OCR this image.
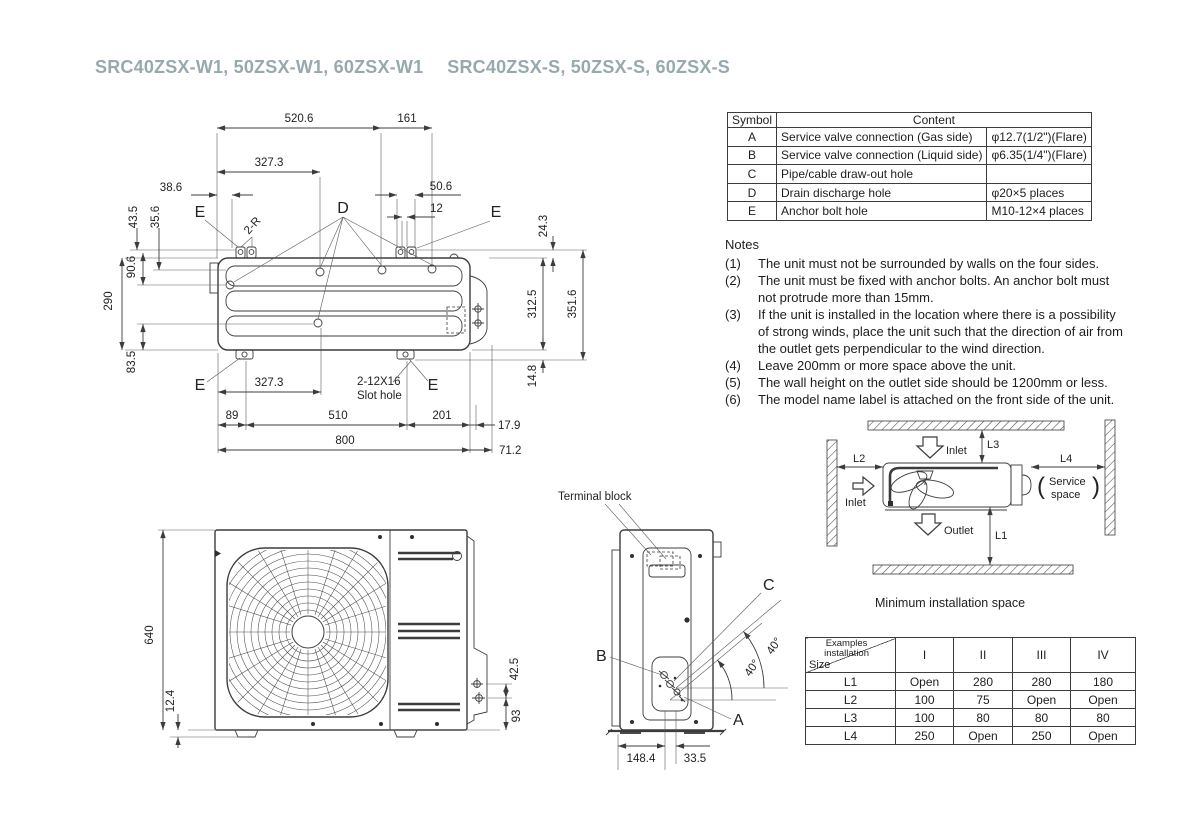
SRC40ZSX-W1, 50ZSX-W1, 60ZSX-W1 SRC40ZSX-S, 50ZSX-S, 60ZSX-S
D
E	E
E	E
2-R
2-12X16
Slot hole
520.6	161
327.3
38.6	50.6
12
24.3
312.5 351.6
14.8
290
43.5 35.6
90.6
83.5
327.3
89	510	201
17.9
800
71.2
Symbol	Content	
A	Service valve connection (Gas side)	φ12.7(1/2")(Flare)
B	Service valve connection (Liquid side)	φ6.35(1/4")(Flare)
C	Pipe/cable draw-out hole	
D	Drain discharge hole	φ20×5 places
E	Anchor bolt hole	M10-12×4 places
Notes
(1)	The unit must not be surrounded by walls on the four sides.
(2)	The unit must be fixed with anchor bolts. An anchor bolt must not protrude more than 15mm.
(3)	If the unit is installed in the location where there is a possibility of strong winds, place the unit such that the direction of air from the outlet gets perpendicular to the wind direction.
(4)	Leave 200mm or more space above the unit.
(5)	The wall height on the outlet side should be 1200mm or less.
(6)	The model name label is attached on the front side of the unit.
640
12.4
42.5
93
Terminal block
C
B
A
40°
40°
148.4 33.5
Inlet
Inlet
Outlet
L3
L2	L4
L1
( Service
space )
Minimum installation space
Examples
installation
Size	I	II	III	IV
L1	Open	280	280	180
L2	100	75	Open	Open
L3	100	80	80	80
L4	250	Open	250	Open
